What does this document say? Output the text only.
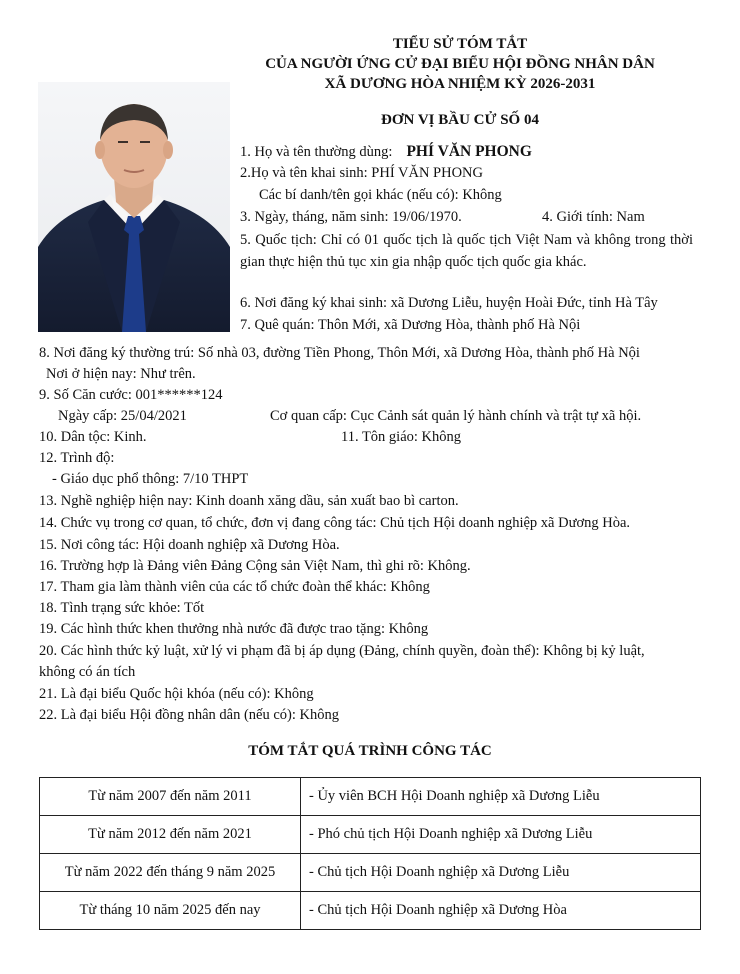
TIỂU SỬ TÓM TẮT
CỦA NGƯỜI ỨNG CỬ ĐẠI BIỂU HỘI ĐỒNG NHÂN DÂN
XÃ DƯƠNG HÒA NHIỆM KỲ 2026-2031
ĐƠN VỊ BẦU CỬ SỐ 04
1. Họ và tên thường dùng: PHÍ VĂN PHONG
2.Họ và tên khai sinh: PHÍ VĂN PHONG
Các bí danh/tên gọi khác (nếu có): Không
3. Ngày, tháng, năm sinh: 19/06/1970.	4. Giới tính: Nam
5. Quốc tịch: Chỉ có 01 quốc tịch là quốc tịch Việt Nam và không trong thời gian thực hiện thủ tục xin gia nhập quốc tịch quốc gia khác.
6. Nơi đăng ký khai sinh: xã Dương Liễu, huyện Hoài Đức, tỉnh Hà Tây
7. Quê quán: Thôn Mới, xã Dương Hòa, thành phố Hà Nội
8. Nơi đăng ký thường trú: Số nhà 03, đường Tiền Phong, Thôn Mới, xã Dương Hòa, thành phố Hà Nội
Nơi ở hiện nay: Như trên.
9. Số Căn cước: 001******124
Ngày cấp: 25/04/2021	Cơ quan cấp: Cục Cảnh sát quản lý hành chính và trật tự xã hội.
10. Dân tộc: Kinh.	11. Tôn giáo: Không
12. Trình độ:
- Giáo dục phổ thông: 7/10 THPT
13. Nghề nghiệp hiện nay: Kinh doanh xăng dầu, sản xuất bao bì carton.
14. Chức vụ trong cơ quan, tổ chức, đơn vị đang công tác: Chủ tịch Hội doanh nghiệp xã Dương Hòa.
15. Nơi công tác: Hội doanh nghiệp xã Dương Hòa.
16. Trường hợp là Đảng viên Đảng Cộng sản Việt Nam, thì ghi rõ: Không.
17. Tham gia làm thành viên của các tổ chức đoàn thể khác: Không
18. Tình trạng sức khỏe: Tốt
19. Các hình thức khen thưởng nhà nước đã được trao tặng: Không
20. Các hình thức kỷ luật, xử lý vi phạm đã bị áp dụng (Đảng, chính quyền, đoàn thể): Không bị kỷ luật,
không có án tích
21. Là đại biểu Quốc hội khóa (nếu có): Không
22. Là đại biểu Hội đồng nhân dân (nếu có): Không
TÓM TẮT QUÁ TRÌNH CÔNG TÁC
Từ năm 2007 đến năm 2011	- Ủy viên BCH Hội Doanh nghiệp xã Dương Liễu
Từ năm 2012 đến năm 2021	- Phó chủ tịch Hội Doanh nghiệp xã Dương Liễu
Từ năm 2022 đến tháng 9 năm 2025	- Chủ tịch Hội Doanh nghiệp xã Dương Liễu
Từ tháng 10 năm 2025 đến nay	- Chủ tịch Hội Doanh nghiệp xã Dương Hòa
